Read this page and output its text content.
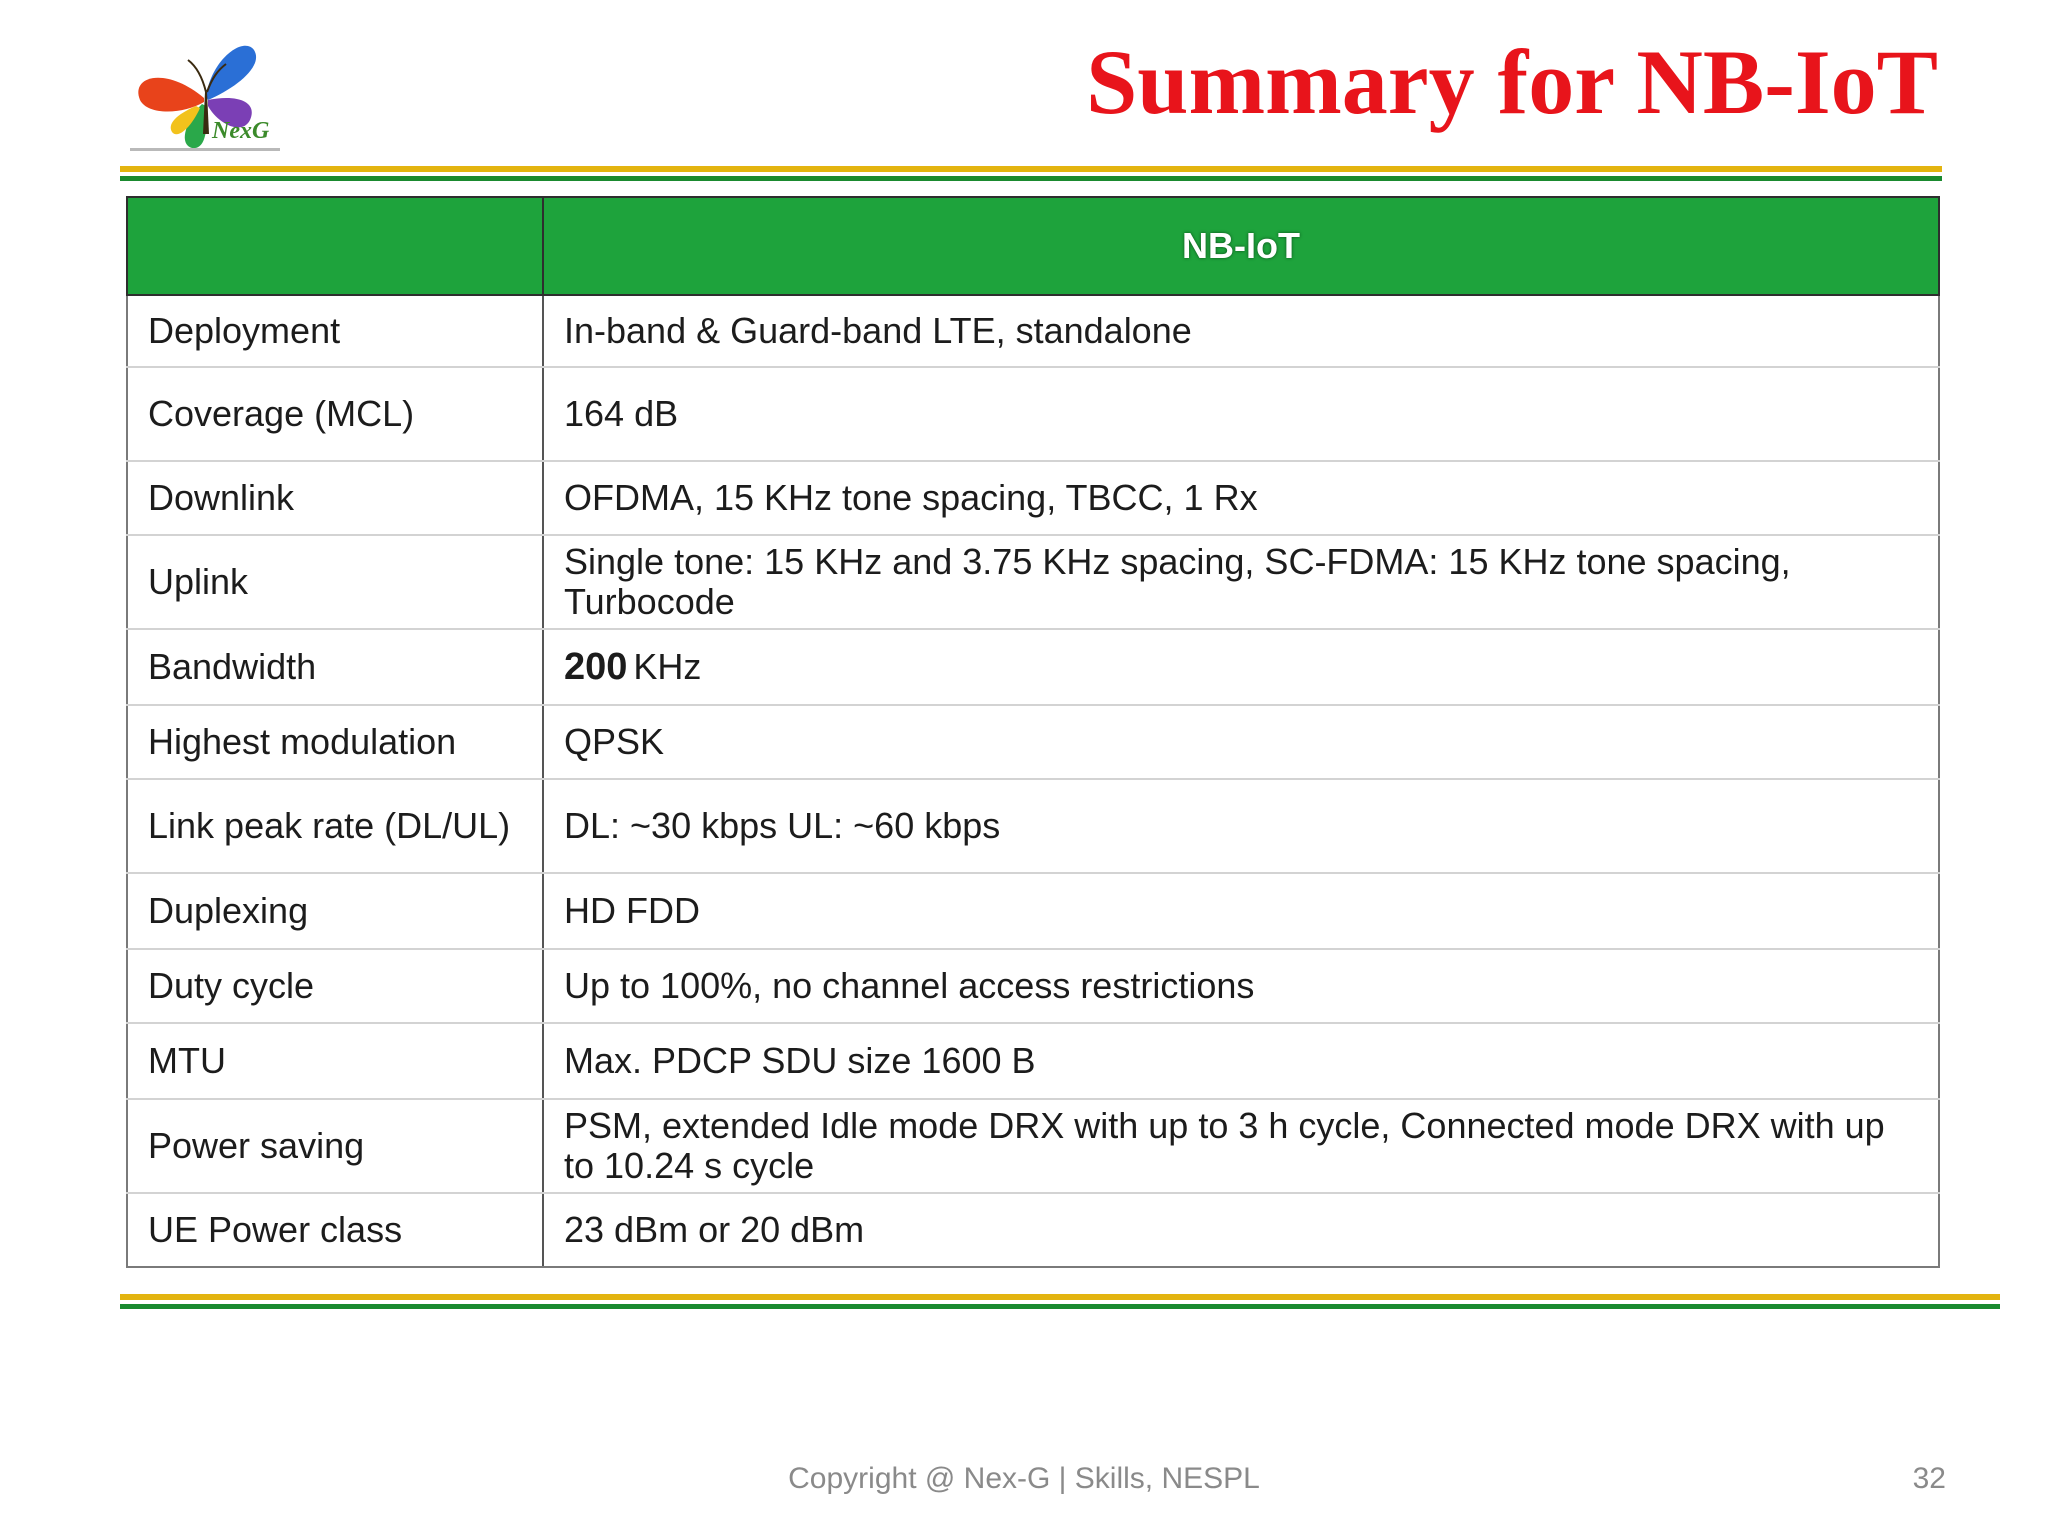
NexG	Summary for NB-IoT
	NB-IoT
Deployment	In-band & Guard-band LTE, standalone
Coverage (MCL)	164 dB
Downlink	OFDMA, 15 KHz tone spacing, TBCC, 1 Rx
Uplink	Single tone: 15 KHz and 3.75 KHz spacing, SC-FDMA: 15 KHz tone spacing, Turbocode
Bandwidth	200 KHz
Highest modulation	QPSK
Link peak rate (DL/UL)	DL: ~30 kbps UL: ~60 kbps
Duplexing	HD FDD
Duty cycle	Up to 100%, no channel access restrictions
MTU	Max. PDCP SDU size 1600 B
Power saving	PSM, extended Idle mode DRX with up to 3 h cycle, Connected mode DRX with up to 10.24 s cycle
UE Power class	23 dBm or 20 dBm
Copyright @ Nex-G | Skills, NESPL	32
